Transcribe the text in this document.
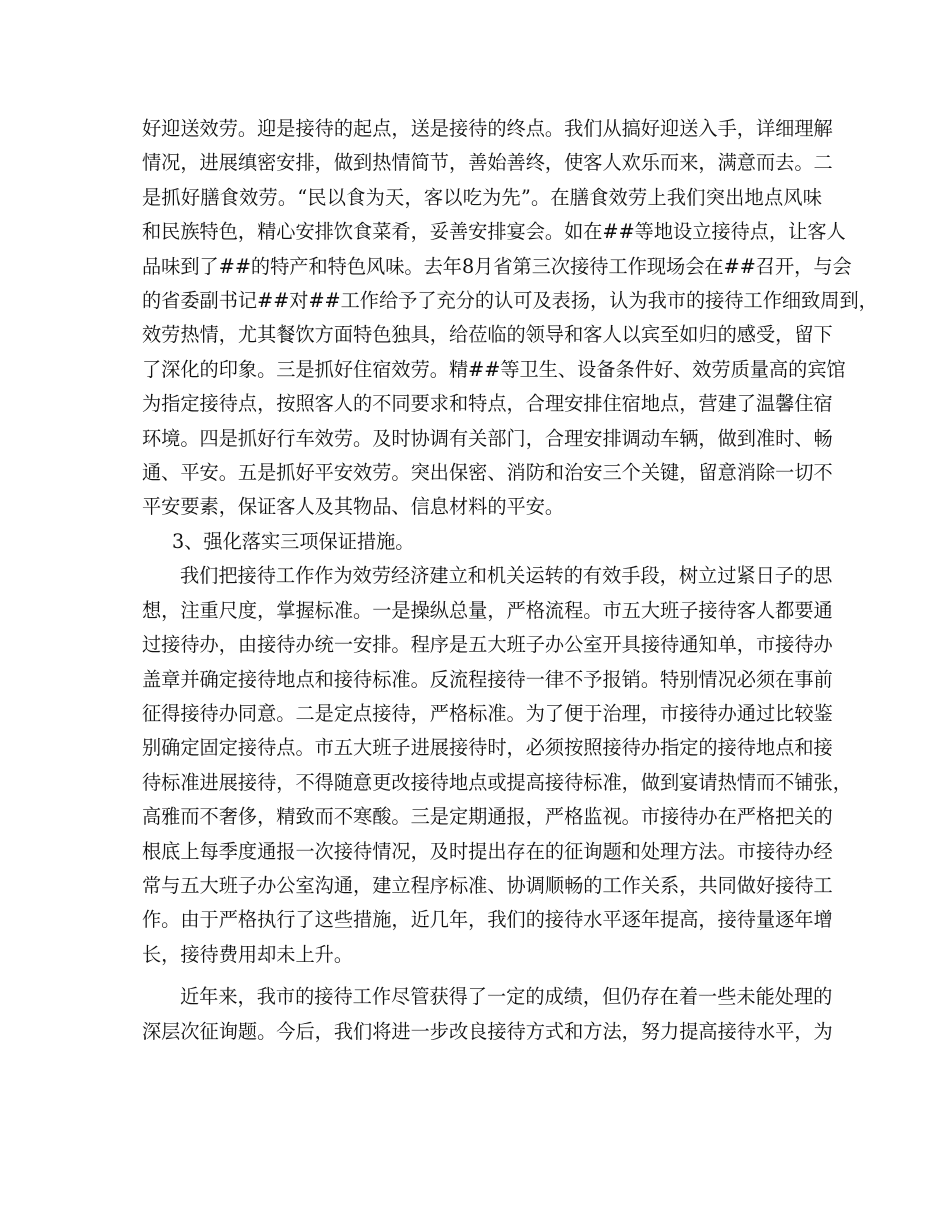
好迎送效劳。迎是接待的起点，送是接待的终点。我们从搞好迎送入手，详细理解
情况，进展缜密安排，做到热情简节，善始善终，使客人欢乐而来，满意而去。二
是抓好膳食效劳。“民以食为天，客以吃为先”。在膳食效劳上我们突出地点风味
和民族特色，精心安排饮食菜肴，妥善安排宴会。如在##等地设立接待点，让客人
品味到了##的特产和特色风味。去年8月省第三次接待工作现场会在##召开，与会
的省委副书记##对##工作给予了充分的认可及表扬，认为我市的接待工作细致周到，
效劳热情，尤其餐饮方面特色独具，给莅临的领导和客人以宾至如归的感受，留下
了深化的印象。三是抓好住宿效劳。精##等卫生、设备条件好、效劳质量高的宾馆
为指定接待点，按照客人的不同要求和特点，合理安排住宿地点，营建了温馨住宿
环境。四是抓好行车效劳。及时协调有关部门，合理安排调动车辆，做到准时、畅
通、平安。五是抓好平安效劳。突出保密、消防和治安三个关键，留意消除一切不
平安要素，保证客人及其物品、信息材料的平安。

3、强化落实三项保证措施。

我们把接待工作作为效劳经济建立和机关运转的有效手段，树立过紧日子的思
想，注重尺度，掌握标准。一是操纵总量，严格流程。市五大班子接待客人都要通
过接待办，由接待办统一安排。程序是五大班子办公室开具接待通知单，市接待办
盖章并确定接待地点和接待标准。反流程接待一律不予报销。特别情况必须在事前
征得接待办同意。二是定点接待，严格标准。为了便于治理，市接待办通过比较鉴
别确定固定接待点。市五大班子进展接待时，必须按照接待办指定的接待地点和接
待标准进展接待，不得随意更改接待地点或提高接待标准，做到宴请热情而不铺张，
高雅而不奢侈，精致而不寒酸。三是定期通报，严格监视。市接待办在严格把关的
根底上每季度通报一次接待情况，及时提出存在的征询题和处理方法。市接待办经
常与五大班子办公室沟通，建立程序标准、协调顺畅的工作关系，共同做好接待工
作。由于严格执行了这些措施，近几年，我们的接待水平逐年提高，接待量逐年增
长，接待费用却未上升。

近年来，我市的接待工作尽管获得了一定的成绩，但仍存在着一些未能处理的
深层次征询题。今后，我们将进一步改良接待方式和方法，努力提高接待水平，为
